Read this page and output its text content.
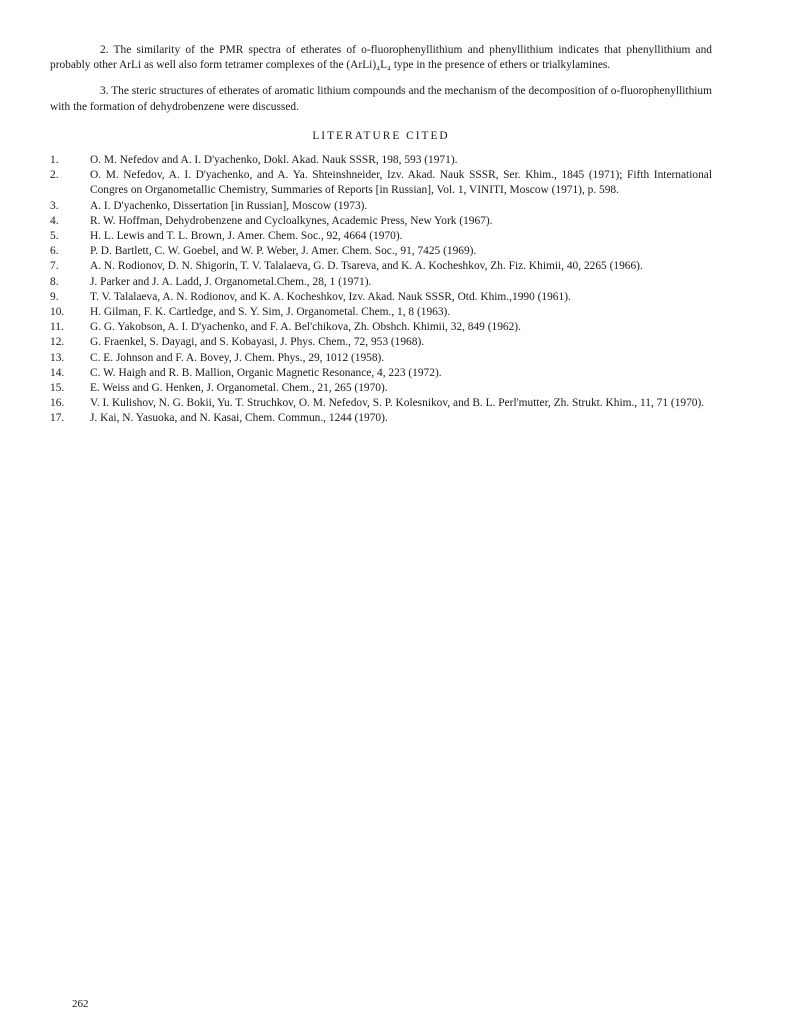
2. The similarity of the PMR spectra of etherates of o-fluorophenyllithium and phenyllithium indicates that phenyllithium and probably other ArLi as well also form tetramer complexes of the (ArLi)₄L₄ type in the presence of ethers or trialkylamines.

3. The steric structures of etherates of aromatic lithium compounds and the mechanism of the decomposition of o-fluorophenyllithium with the formation of dehydrobenzene were discussed.

LITERATURE CITED
1.	O. M. Nefedov and A. I. D'yachenko, Dokl. Akad. Nauk SSSR, 198, 593 (1971).
2.	O. M. Nefedov, A. I. D'yachenko, and A. Ya. Shteinshneider, Izv. Akad. Nauk SSSR, Ser. Khim., 1845 (1971); Fifth International Congres on Organometallic Chemistry, Summaries of Reports [in Russian], Vol. 1, VINITI, Moscow (1971), p. 598.
3.	A. I. D'yachenko, Dissertation [in Russian], Moscow (1973).
4.	R. W. Hoffman, Dehydrobenzene and Cycloalkynes, Academic Press, New York (1967).
5.	H. L. Lewis and T. L. Brown, J. Amer. Chem. Soc., 92, 4664 (1970).
6.	P. D. Bartlett, C. W. Goebel, and W. P. Weber, J. Amer. Chem. Soc., 91, 7425 (1969).
7.	A. N. Rodionov, D. N. Shigorin, T. V. Talalaeva, G. D. Tsareva, and K. A. Kocheshkov, Zh. Fiz. Khimii, 40, 2265 (1966).
8.	J. Parker and J. A. Ladd, J. Organometal.Chem., 28, 1 (1971).
9.	T. V. Talalaeva, A. N. Rodionov, and K. A. Kocheshkov, Izv. Akad. Nauk SSSR, Otd. Khim.,1990 (1961).
10.	H. Gilman, F. K. Cartledge, and S. Y. Sim, J. Organometal. Chem., 1, 8 (1963).
11.	G. G. Yakobson, A. I. D'yachenko, and F. A. Bel'chikova, Zh. Obshch. Khimii, 32, 849 (1962).
12.	G. Fraenkel, S. Dayagi, and S. Kobayasi, J. Phys. Chem., 72, 953 (1968).
13.	C. E. Johnson and F. A. Bovey, J. Chem. Phys., 29, 1012 (1958).
14.	C. W. Haigh and R. B. Mallion, Organic Magnetic Resonance, 4, 223 (1972).
15.	E. Weiss and G. Henken, J. Organometal. Chem., 21, 265 (1970).
16.	V. I. Kulishov, N. G. Bokii, Yu. T. Struchkov, O. M. Nefedov, S. P. Kolesnikov, and B. L. Perl'mutter, Zh. Strukt. Khim., 11, 71 (1970).
17.	J. Kai, N. Yasuoka, and N. Kasai, Chem. Commun., 1244 (1970).
262
